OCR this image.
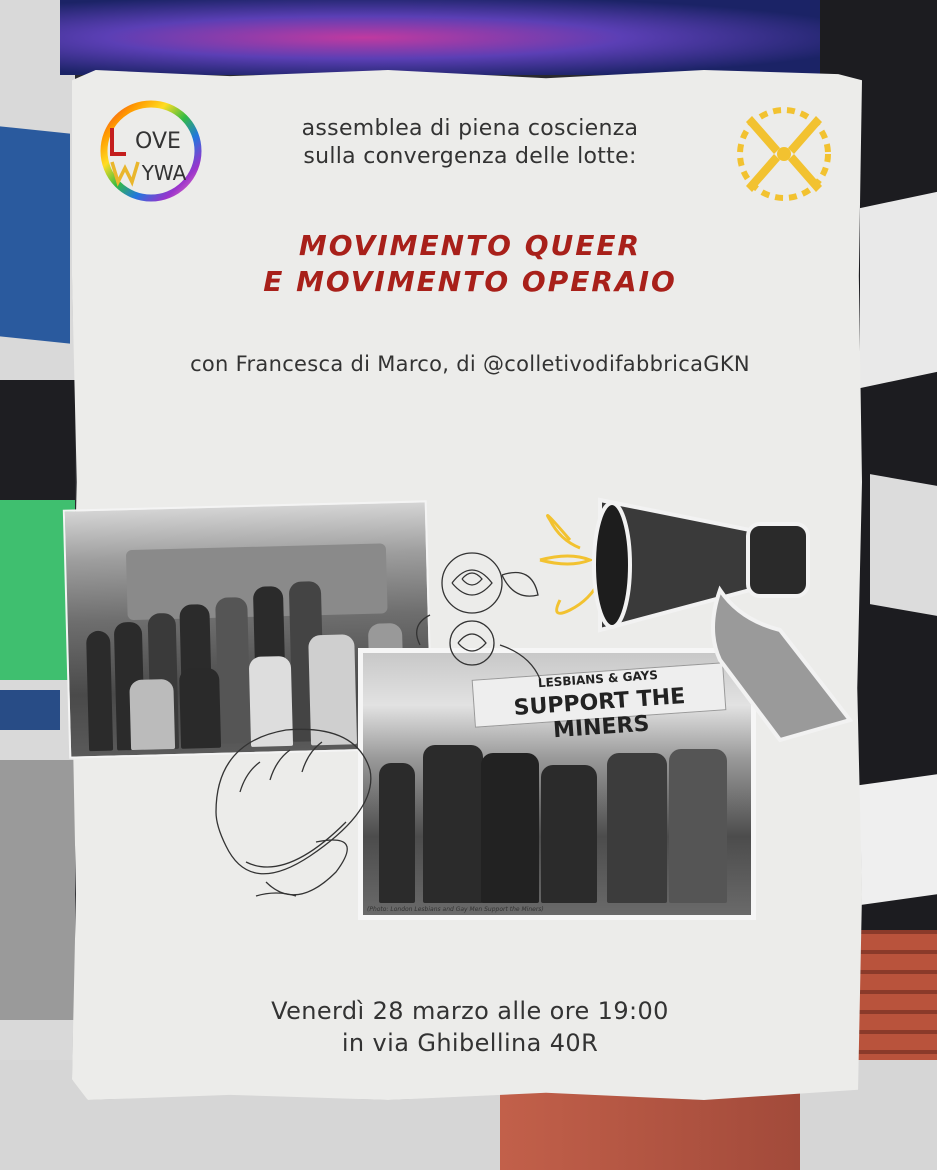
OVE
YWA
assemblea di piena coscienza
sulla convergenza delle lotte:
MOVIMENTO QUEER
E MOVIMENTO OPERAIO
con Francesca di Marco, di @colletivodifabbricaGKN
LESBIANS & GAYS
SUPPORT THE MINERS
(Photo: London Lesbians and Gay Men Support the Miners)
Venerdì 28 marzo alle ore 19:00
in via Ghibellina 40R
